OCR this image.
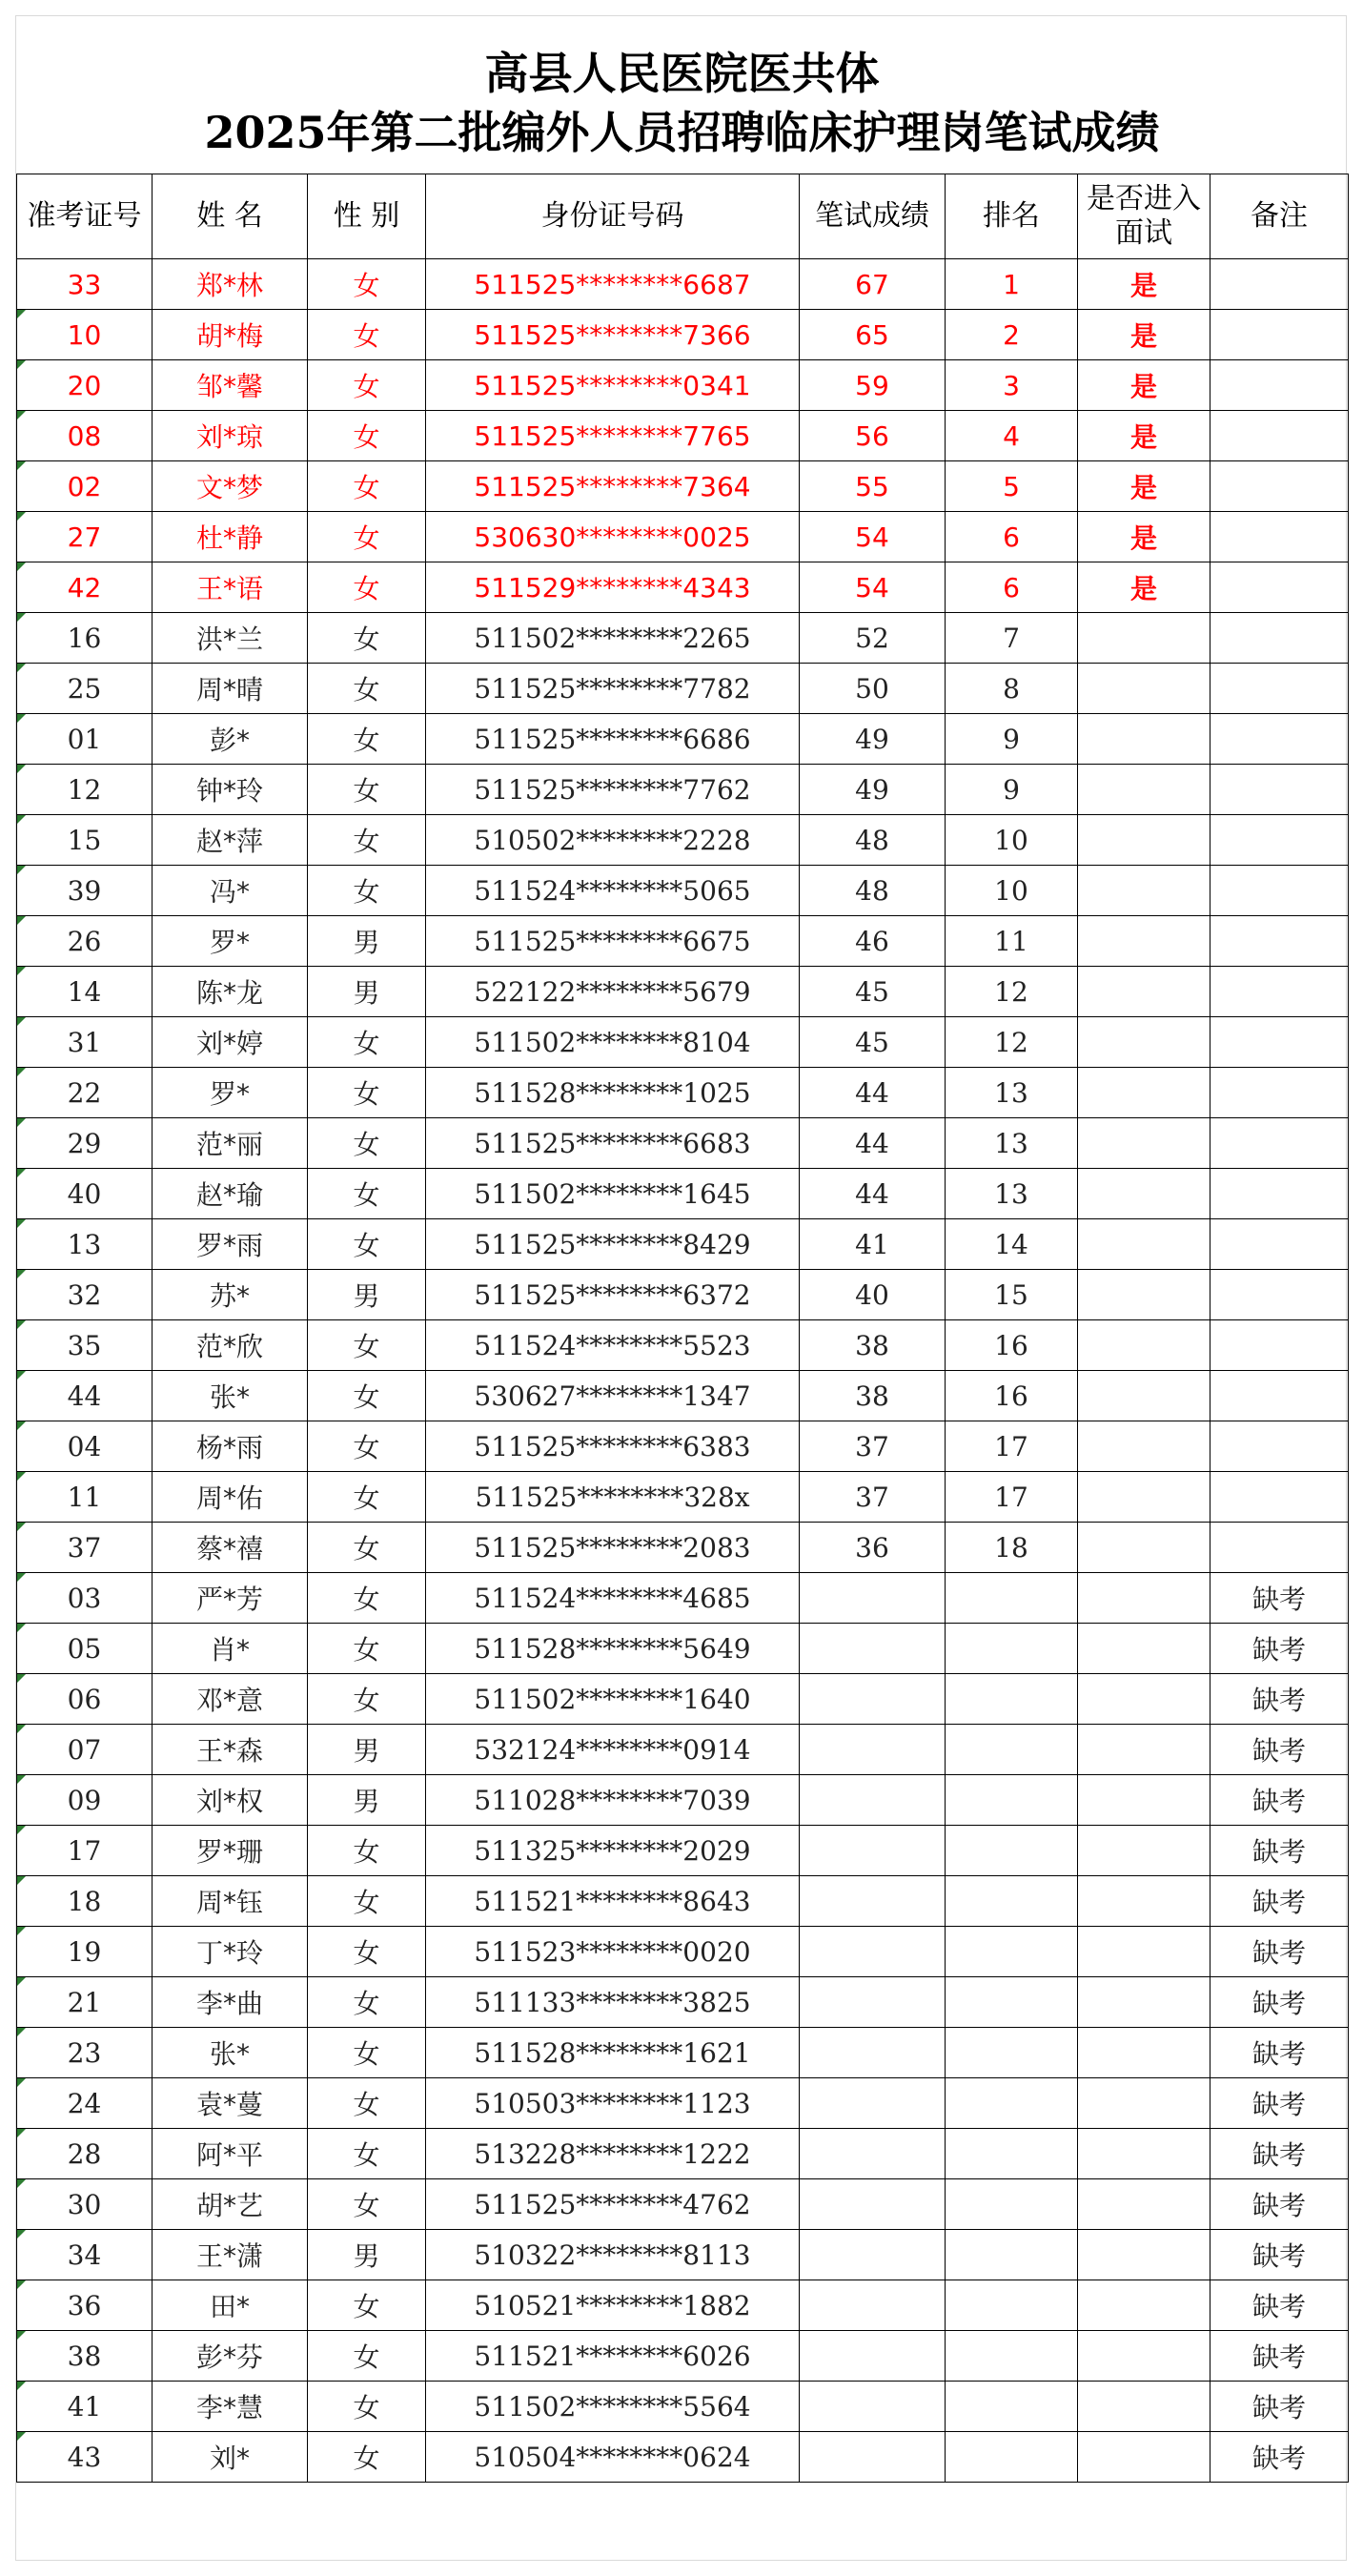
高县人民医院医共体
2025年第二批编外人员招聘临床护理岗笔试成绩
准考证号	姓 名	性 别	身份证号码	笔试成绩	排名	是否进入面试	备注
33	郑*林	女	511525********6687	67	1	是	

10	胡*梅	女	511525********7366	65	2	是	

20	邹*馨	女	511525********0341	59	3	是	

08	刘*琼	女	511525********7765	56	4	是	

02	文*梦	女	511525********7364	55	5	是	

27	杜*静	女	530630********0025	54	6	是	

42	王*语	女	511529********4343	54	6	是	

16	洪*兰	女	511502********2265	52	7		

25	周*晴	女	511525********7782	50	8		

01	彭*	女	511525********6686	49	9		

12	钟*玲	女	511525********7762	49	9		

15	赵*萍	女	510502********2228	48	10		

39	冯*	女	511524********5065	48	10		

26	罗*	男	511525********6675	46	11		

14	陈*龙	男	522122********5679	45	12		

31	刘*婷	女	511502********8104	45	12		

22	罗*	女	511528********1025	44	13		

29	范*丽	女	511525********6683	44	13		

40	赵*瑜	女	511502********1645	44	13		

13	罗*雨	女	511525********8429	41	14		

32	苏*	男	511525********6372	40	15		

35	范*欣	女	511524********5523	38	16		

44	张*	女	530627********1347	38	16		

04	杨*雨	女	511525********6383	37	17		

11	周*佑	女	511525********328x	37	17		

37	蔡*禧	女	511525********2083	36	18		

03	严*芳	女	511524********4685				缺考

05	肖*	女	511528********5649				缺考

06	邓*意	女	511502********1640				缺考

07	王*森	男	532124********0914				缺考

09	刘*权	男	511028********7039				缺考

17	罗*珊	女	511325********2029				缺考

18	周*钰	女	511521********8643				缺考

19	丁*玲	女	511523********0020				缺考

21	李*曲	女	511133********3825				缺考

23	张*	女	511528********1621				缺考

24	袁*蔓	女	510503********1123				缺考

28	阿*平	女	513228********1222				缺考

30	胡*艺	女	511525********4762				缺考

34	王*潇	男	510322********8113				缺考

36	田*	女	510521********1882				缺考

38	彭*芬	女	511521********6026				缺考

41	李*慧	女	511502********5564				缺考

43	刘*	女	510504********0624				缺考
